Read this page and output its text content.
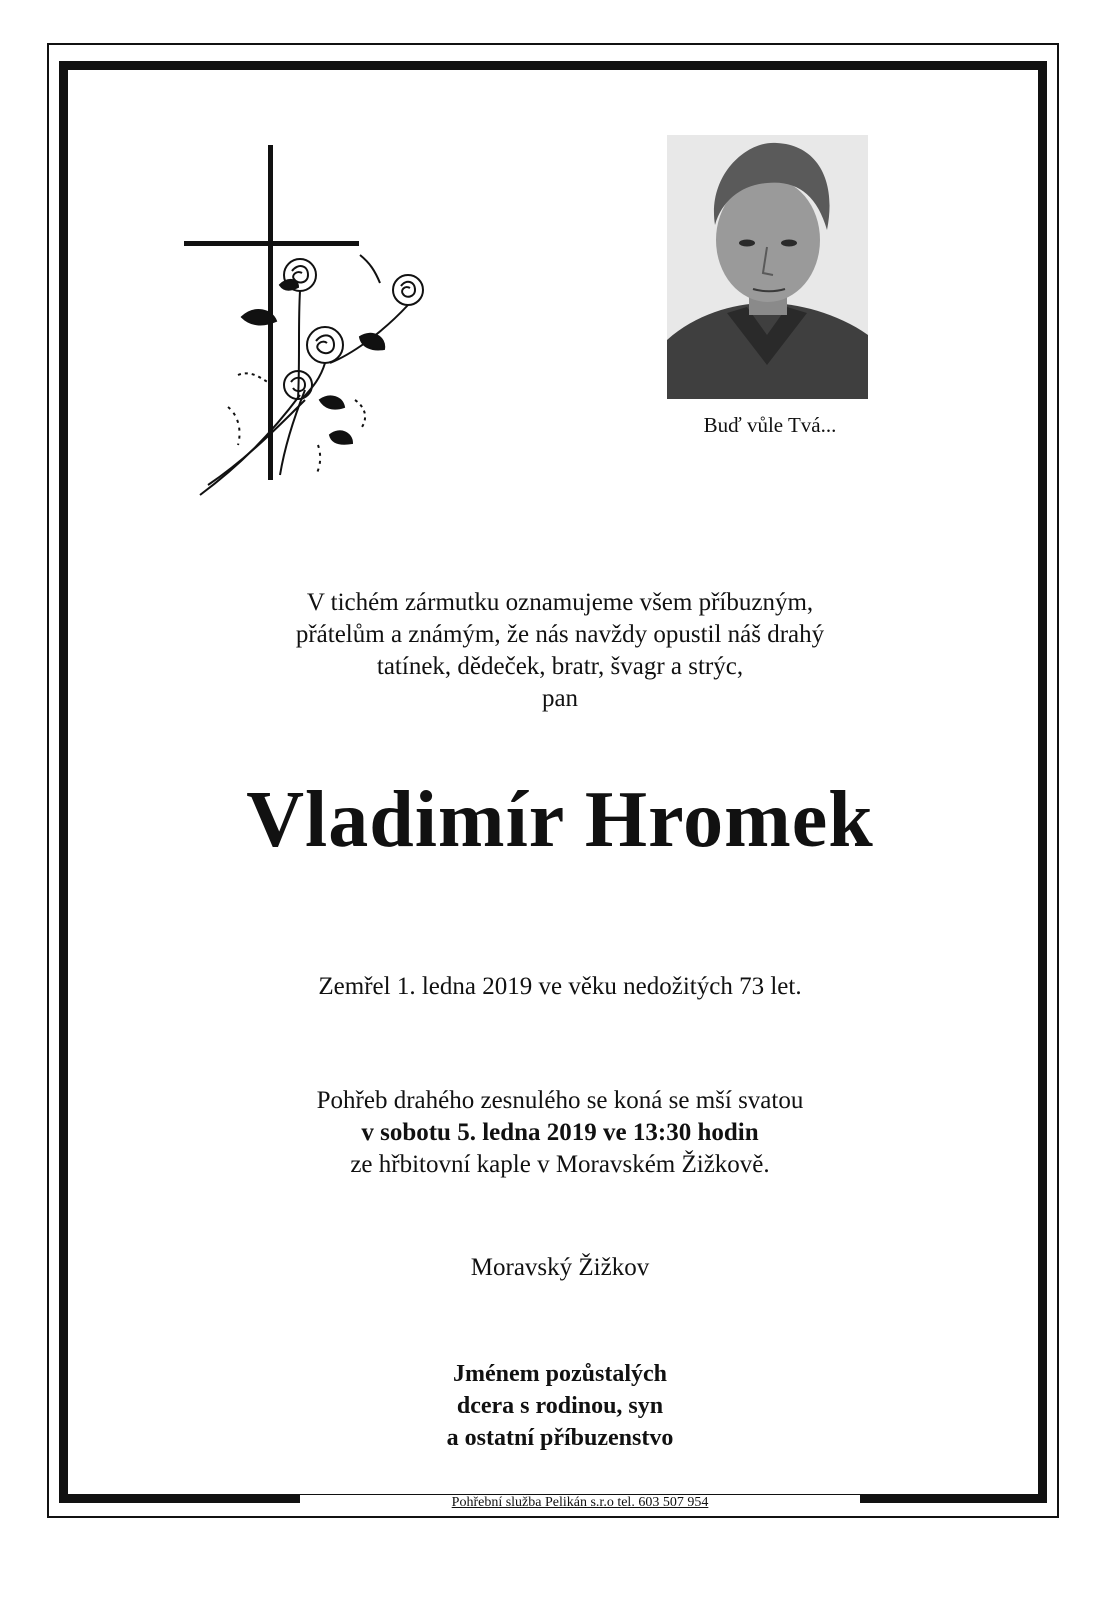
Buď vůle Tvá...
V tichém zármutku oznamujeme všem příbuzným,
přátelům a známým, že nás navždy opustil náš drahý
tatínek, dědeček, bratr, švagr a strýc,
pan
Vladimír Hromek
Zemřel 1. ledna 2019 ve věku nedožitých 73 let.
Pohřeb drahého zesnulého se koná se mší svatou
v sobotu 5. ledna 2019 ve 13:30 hodin
ze hřbitovní kaple v Moravském Žižkově.
Moravský Žižkov
Jménem pozůstalých
dcera s rodinou, syn
a ostatní příbuzenstvo
Pohřební služba Pelikán s.r.o tel. 603 507 954
